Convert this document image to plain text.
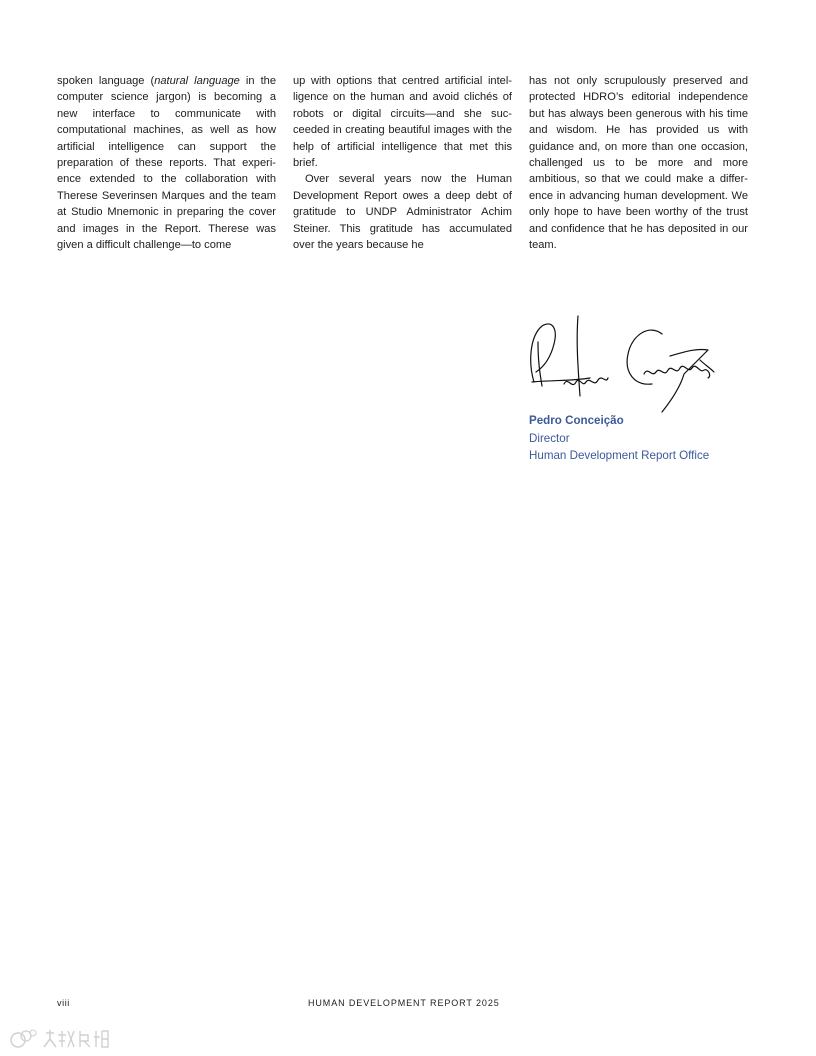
spoken language (natural language in the computer science jargon) is becoming a new interface to communicate with computational machines, as well as how artificial intelligence can support the preparation of these reports. That experience extended to the collaboration with Therese Severinsen Marques and the team at Studio Mnemonic in preparing the cover and images in the Report. Therese was given a difficult challenge—to come

up with options that centred artificial intelligence on the human and avoid clichés of robots or digital circuits—and she succeeded in creating beautiful images with the help of artificial intelligence that met this brief.

Over several years now the Human Development Report owes a deep debt of gratitude to UNDP Administrator Achim Steiner. This gratitude has accumulated over the years because he

has not only scrupulously preserved and protected HDRO’s editorial independence but has always been generous with his time and wisdom. He has provided us with guidance and, on more than one occasion, challenged us to be more and more ambitious, so that we could make a difference in advancing human development. We only hope to have been worthy of the trust and confidence that he has deposited in our team.

Pedro Conceição
Director
Human Development Report Office
viii	HUMAN DEVELOPMENT REPORT 2025
